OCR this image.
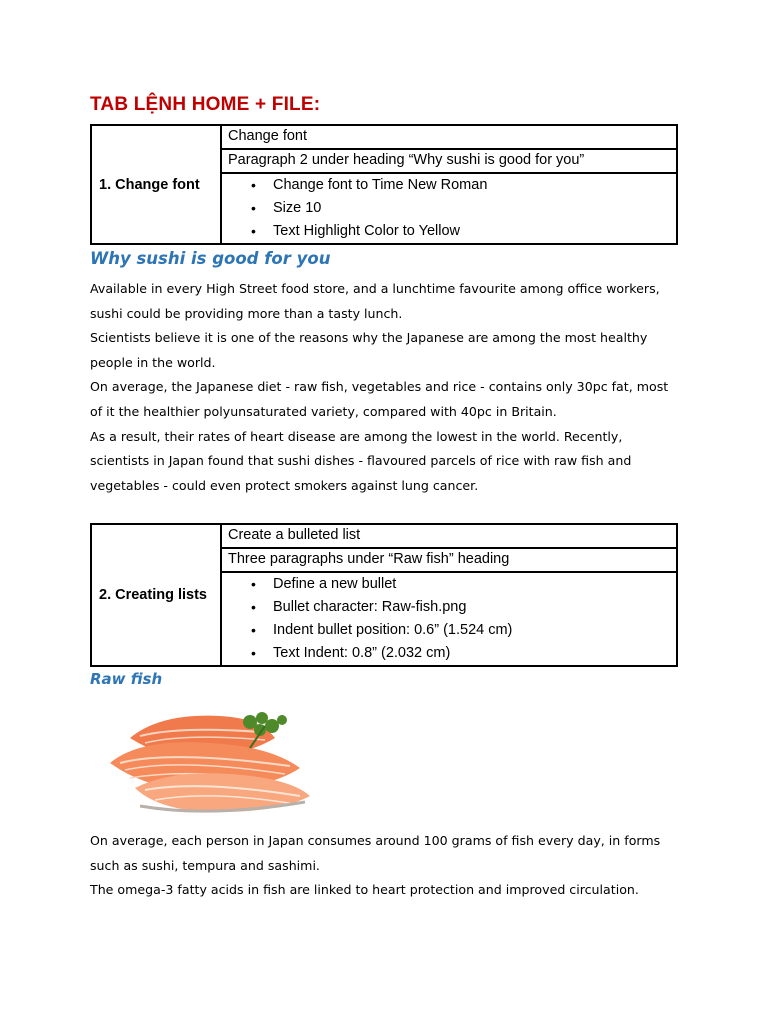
TAB LỆNH HOME + FILE:
1. Change font	Change font
Paragraph 2 under heading “Why sushi is good for you”

• Change font to Time New Roman
• Size 10
• Text Highlight Color to Yellow
Why sushi is good for you

Available in every High Street food store, and a lunchtime favourite among office workers, sushi could be providing more than a tasty lunch.

Scientists believe it is one of the reasons why the Japanese are among the most healthy people in the world.

On average, the Japanese diet - raw fish, vegetables and rice - contains only 30pc fat, most of it the healthier polyunsaturated variety, compared with 40pc in Britain.

As a result, their rates of heart disease are among the lowest in the world. Recently, scientists in Japan found that sushi dishes - flavoured parcels of rice with raw fish and vegetables - could even protect smokers against lung cancer.

2. Creating lists	Create a bulleted list
Three paragraphs under “Raw fish” heading

• Define a new bullet
• Bullet character: Raw-fish.png
• Indent bullet position: 0.6” (1.524 cm)
• Text Indent: 0.8” (2.032 cm)
Raw fish

On average, each person in Japan consumes around 100 grams of fish every day, in forms such as sushi, tempura and sashimi.

The omega-3 fatty acids in fish are linked to heart protection and improved circulation.
